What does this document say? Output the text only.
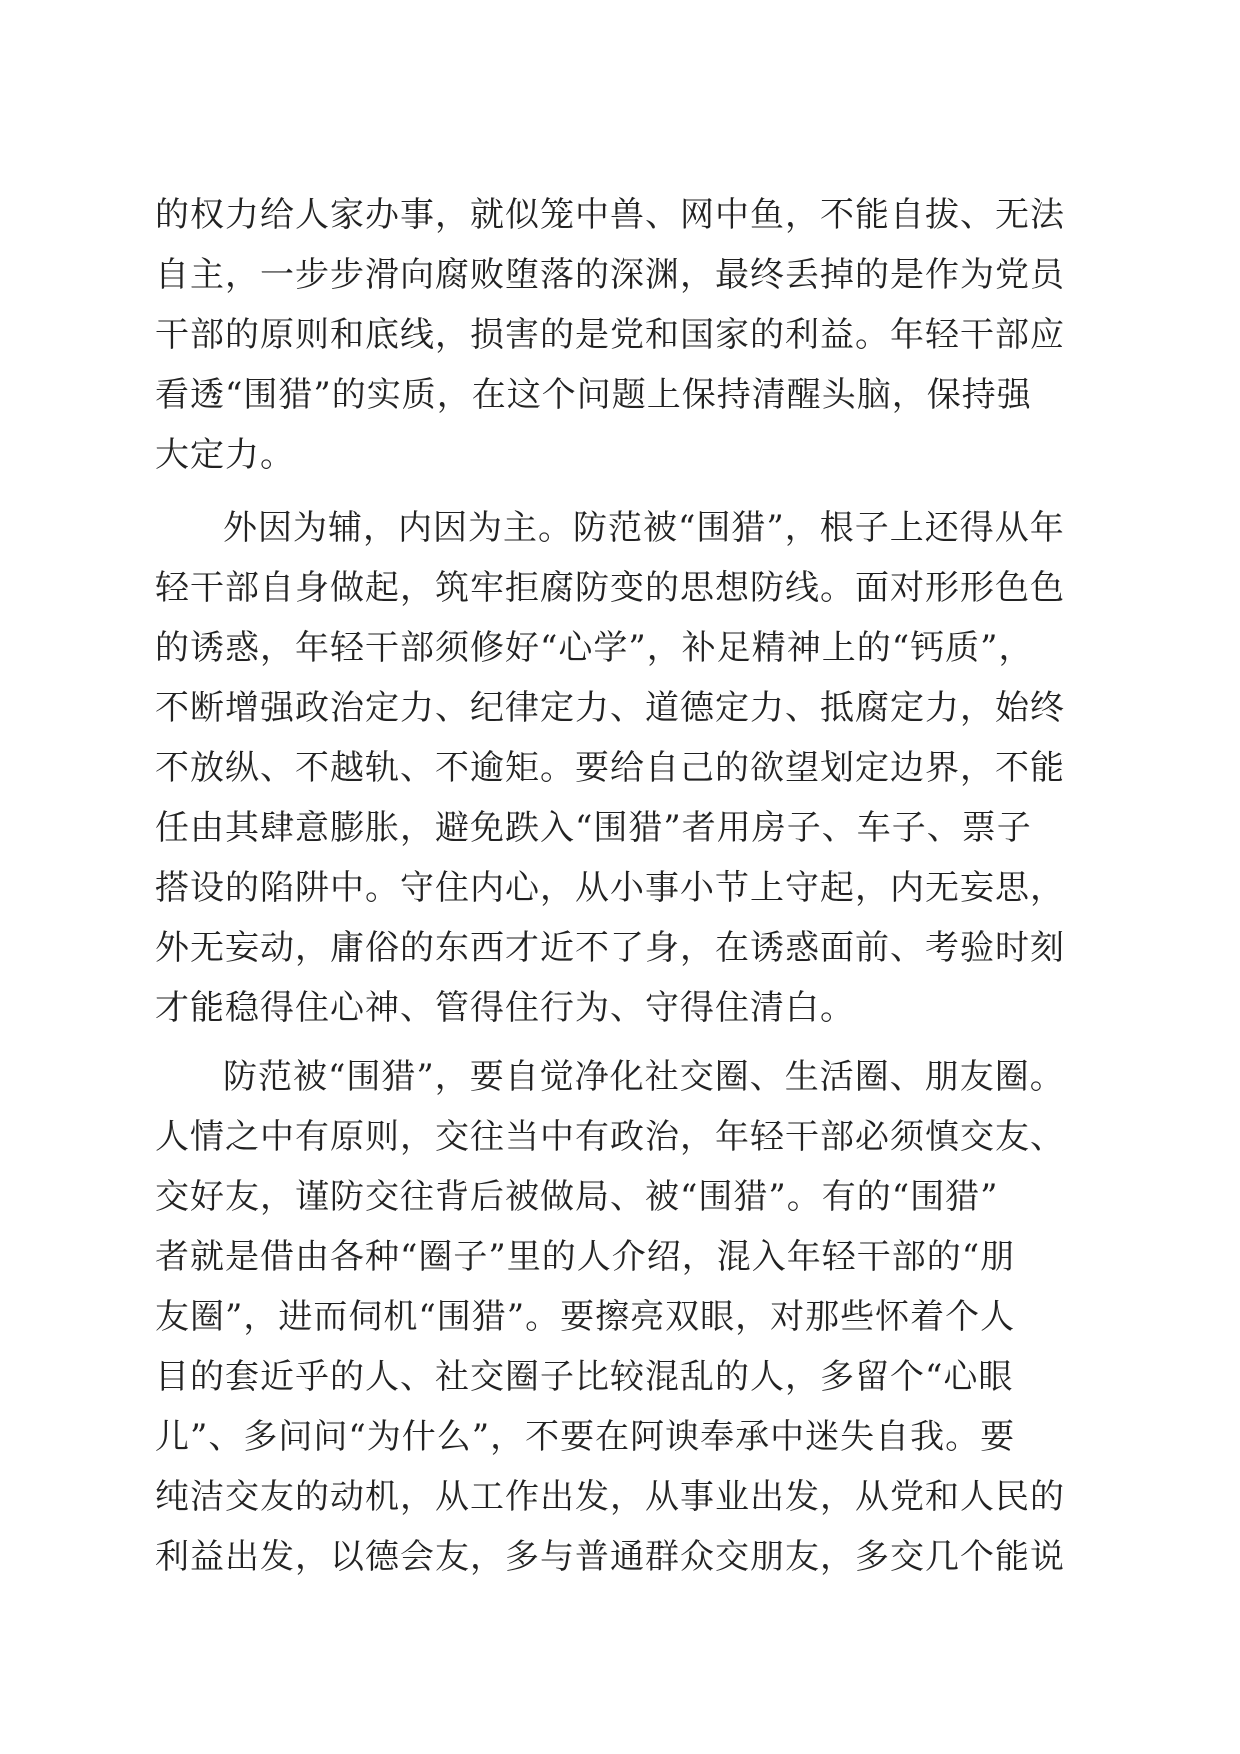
的权力给人家办事，就似笼中兽、网中鱼，不能自拔、无法
自主，一步步滑向腐败堕落的深渊，最终丢掉的是作为党员
干部的原则和底线，损害的是党和国家的利益。年轻干部应
看透“围猎”的实质，在这个问题上保持清醒头脑，保持强
大定力。
外因为辅，内因为主。防范被“围猎”，根子上还得从年
轻干部自身做起，筑牢拒腐防变的思想防线。面对形形色色
的诱惑，年轻干部须修好“心学”，补足精神上的“钙质”，
不断增强政治定力、纪律定力、道德定力、抵腐定力，始终
不放纵、不越轨、不逾矩。要给自己的欲望划定边界，不能
任由其肆意膨胀，避免跌入“围猎”者用房子、车子、票子
搭设的陷阱中。守住内心，从小事小节上守起，内无妄思，
外无妄动，庸俗的东西才近不了身，在诱惑面前、考验时刻
才能稳得住心神、管得住行为、守得住清白。
防范被“围猎”，要自觉净化社交圈、生活圈、朋友圈。
人情之中有原则，交往当中有政治，年轻干部必须慎交友、
交好友，谨防交往背后被做局、被“围猎”。有的“围猎”
者就是借由各种“圈子”里的人介绍，混入年轻干部的“朋
友圈”，进而伺机“围猎”。要擦亮双眼，对那些怀着个人
目的套近乎的人、社交圈子比较混乱的人，多留个“心眼
儿”、多问问“为什么”，不要在阿谀奉承中迷失自我。要
纯洁交友的动机，从工作出发，从事业出发，从党和人民的
利益出发，以德会友，多与普通群众交朋友，多交几个能说
